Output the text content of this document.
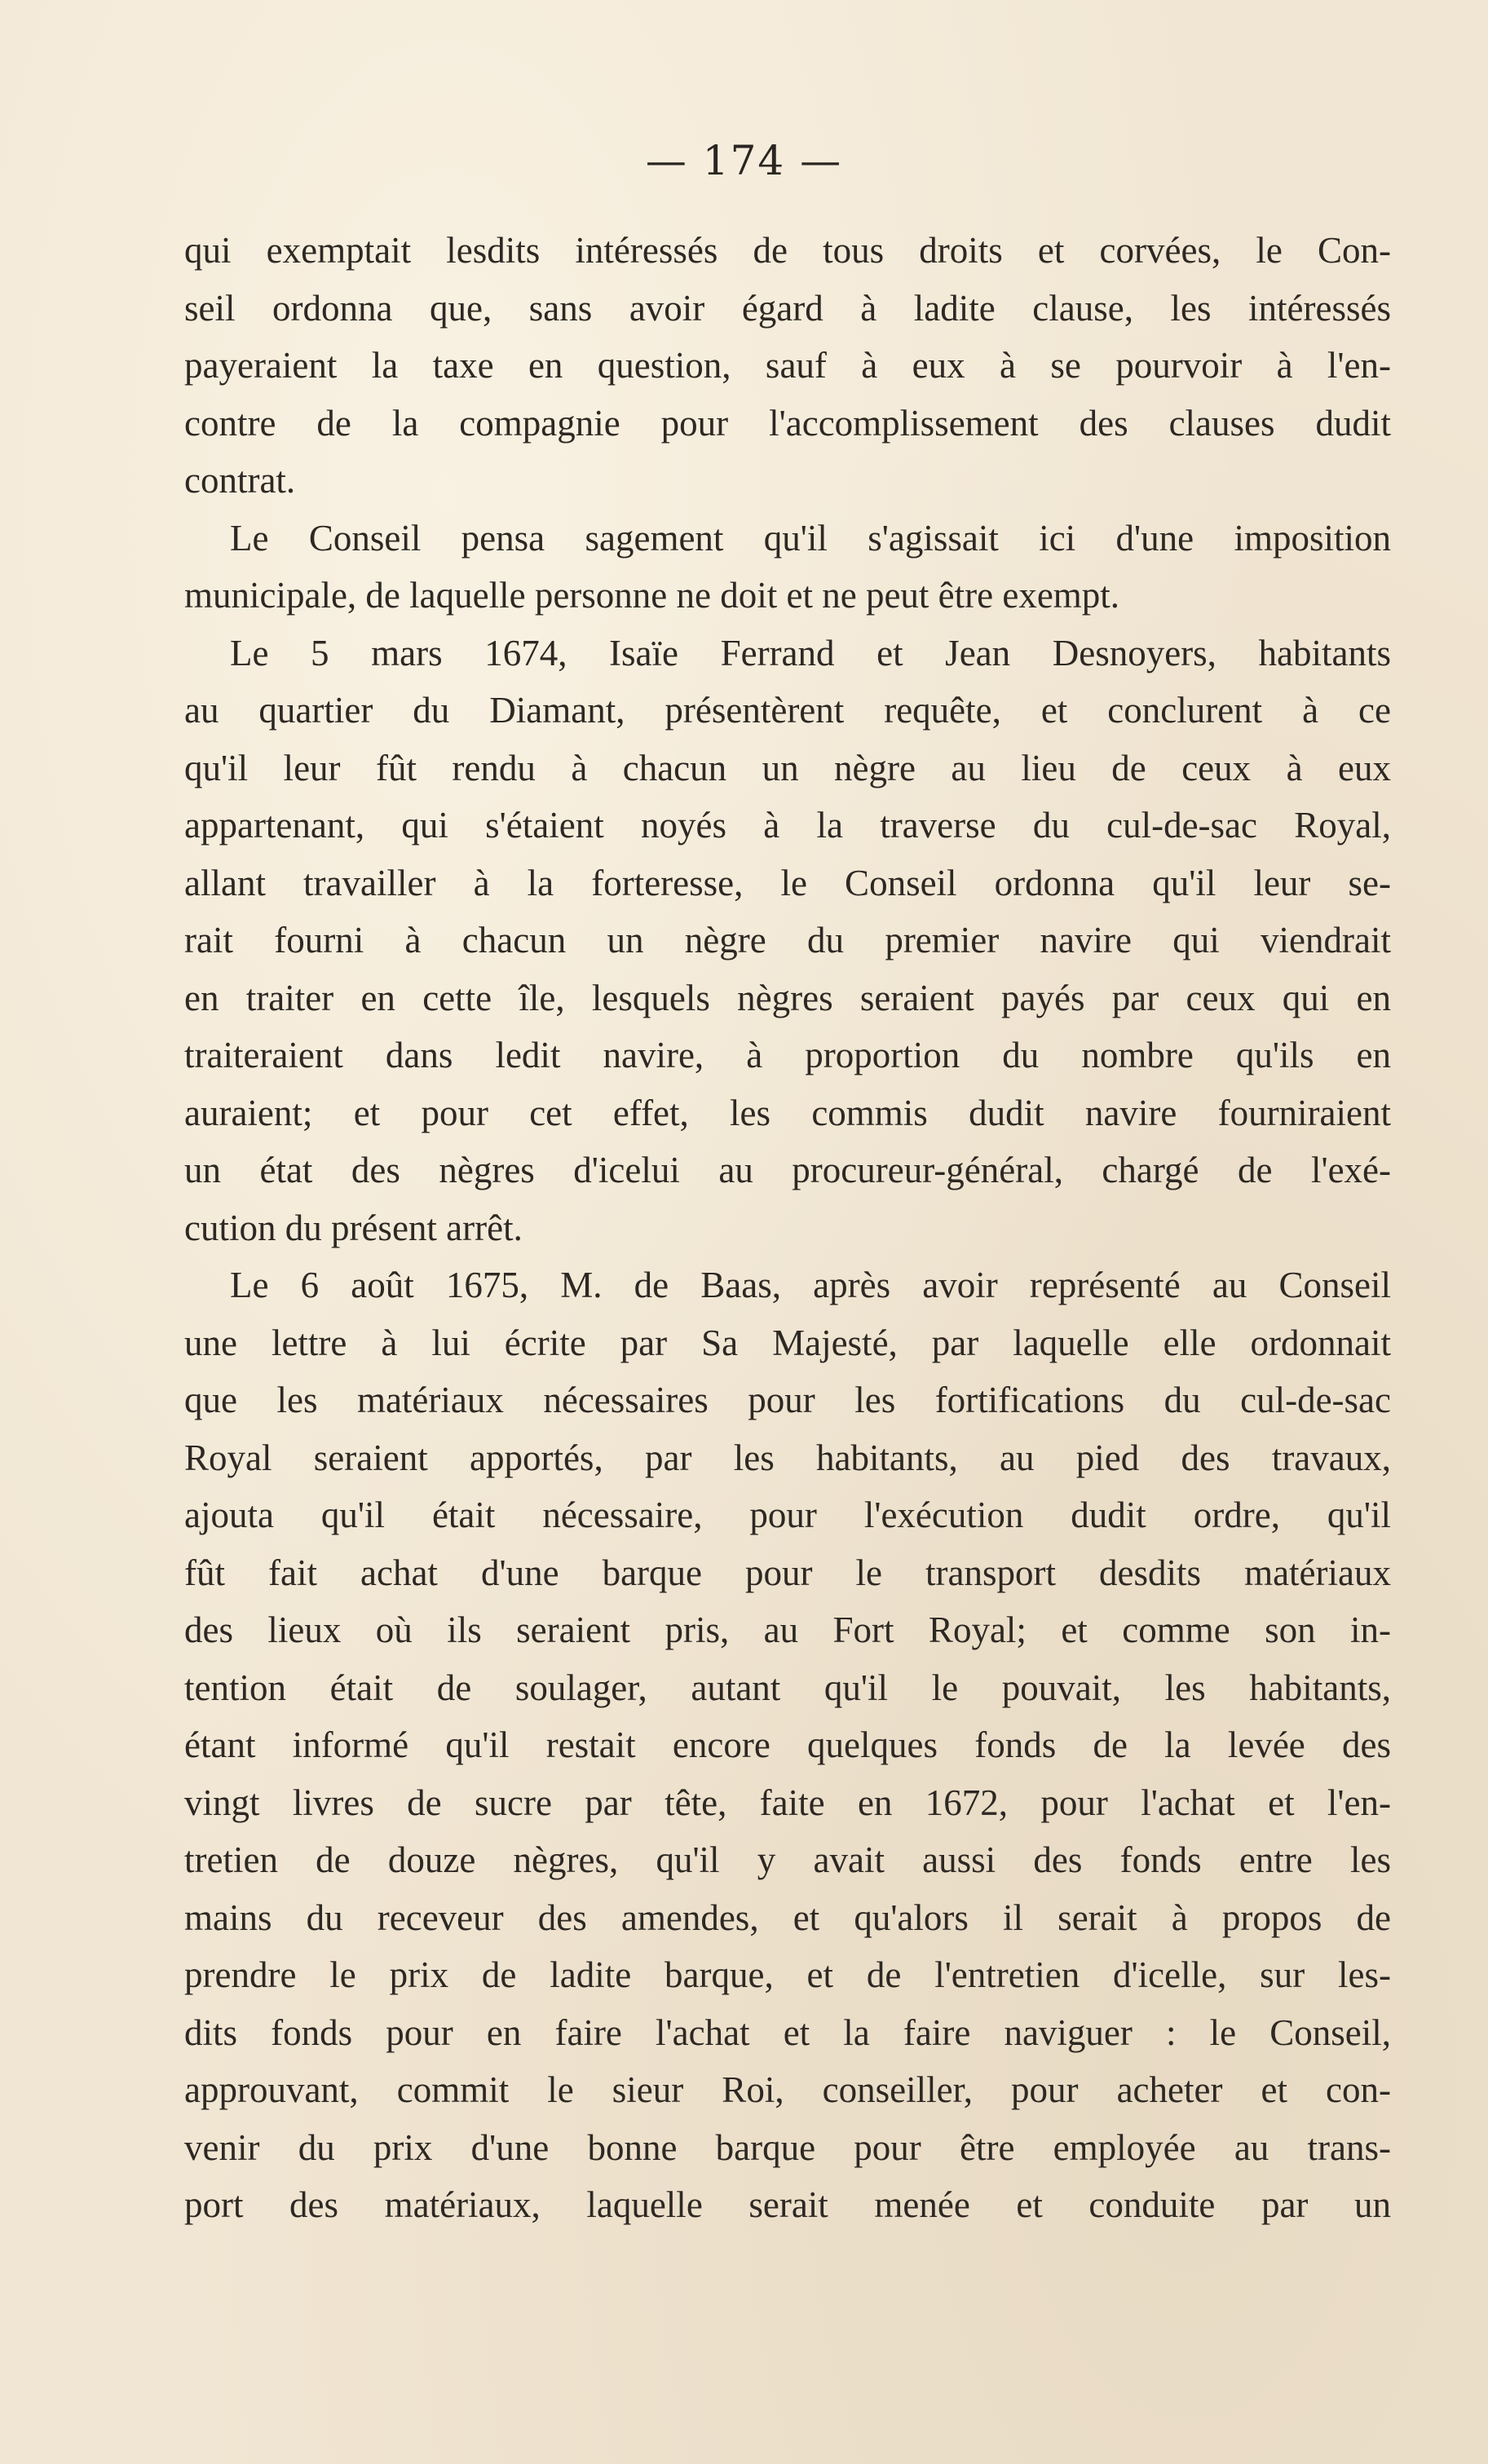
— 174 —
qui exemptait lesdits intéressés de tous droits et corvées, le Con-
seil ordonna que, sans avoir égard à ladite clause, les intéressés
payeraient la taxe en question, sauf à eux à se pourvoir à l'en-
contre de la compagnie pour l'accomplissement des clauses dudit
contrat.
Le Conseil pensa sagement qu'il s'agissait ici d'une imposition
municipale, de laquelle personne ne doit et ne peut être exempt.
Le 5 mars 1674, Isaïe Ferrand et Jean Desnoyers, habitants
au quartier du Diamant, présentèrent requête, et conclurent à ce
qu'il leur fût rendu à chacun un nègre au lieu de ceux à eux
appartenant, qui s'étaient noyés à la traverse du cul-de-sac Royal,
allant travailler à la forteresse, le Conseil ordonna qu'il leur se-
rait fourni à chacun un nègre du premier navire qui viendrait
en traiter en cette île, lesquels nègres seraient payés par ceux qui en
traiteraient dans ledit navire, à proportion du nombre qu'ils en
auraient; et pour cet effet, les commis dudit navire fourniraient
un état des nègres d'icelui au procureur-général, chargé de l'exé-
cution du présent arrêt.
Le 6 août 1675, M. de Baas, après avoir représenté au Conseil
une lettre à lui écrite par Sa Majesté, par laquelle elle ordonnait
que les matériaux nécessaires pour les fortifications du cul-de-sac
Royal seraient apportés, par les habitants, au pied des travaux,
ajouta qu'il était nécessaire, pour l'exécution dudit ordre, qu'il
fût fait achat d'une barque pour le transport desdits matériaux
des lieux où ils seraient pris, au Fort Royal; et comme son in-
tention était de soulager, autant qu'il le pouvait, les habitants,
étant informé qu'il restait encore quelques fonds de la levée des
vingt livres de sucre par tête, faite en 1672, pour l'achat et l'en-
tretien de douze nègres, qu'il y avait aussi des fonds entre les
mains du receveur des amendes, et qu'alors il serait à propos de
prendre le prix de ladite barque, et de l'entretien d'icelle, sur les-
dits fonds pour en faire l'achat et la faire naviguer : le Conseil,
approuvant, commit le sieur Roi, conseiller, pour acheter et con-
venir du prix d'une bonne barque pour être employée au trans-
port des matériaux, laquelle serait menée et conduite par un
